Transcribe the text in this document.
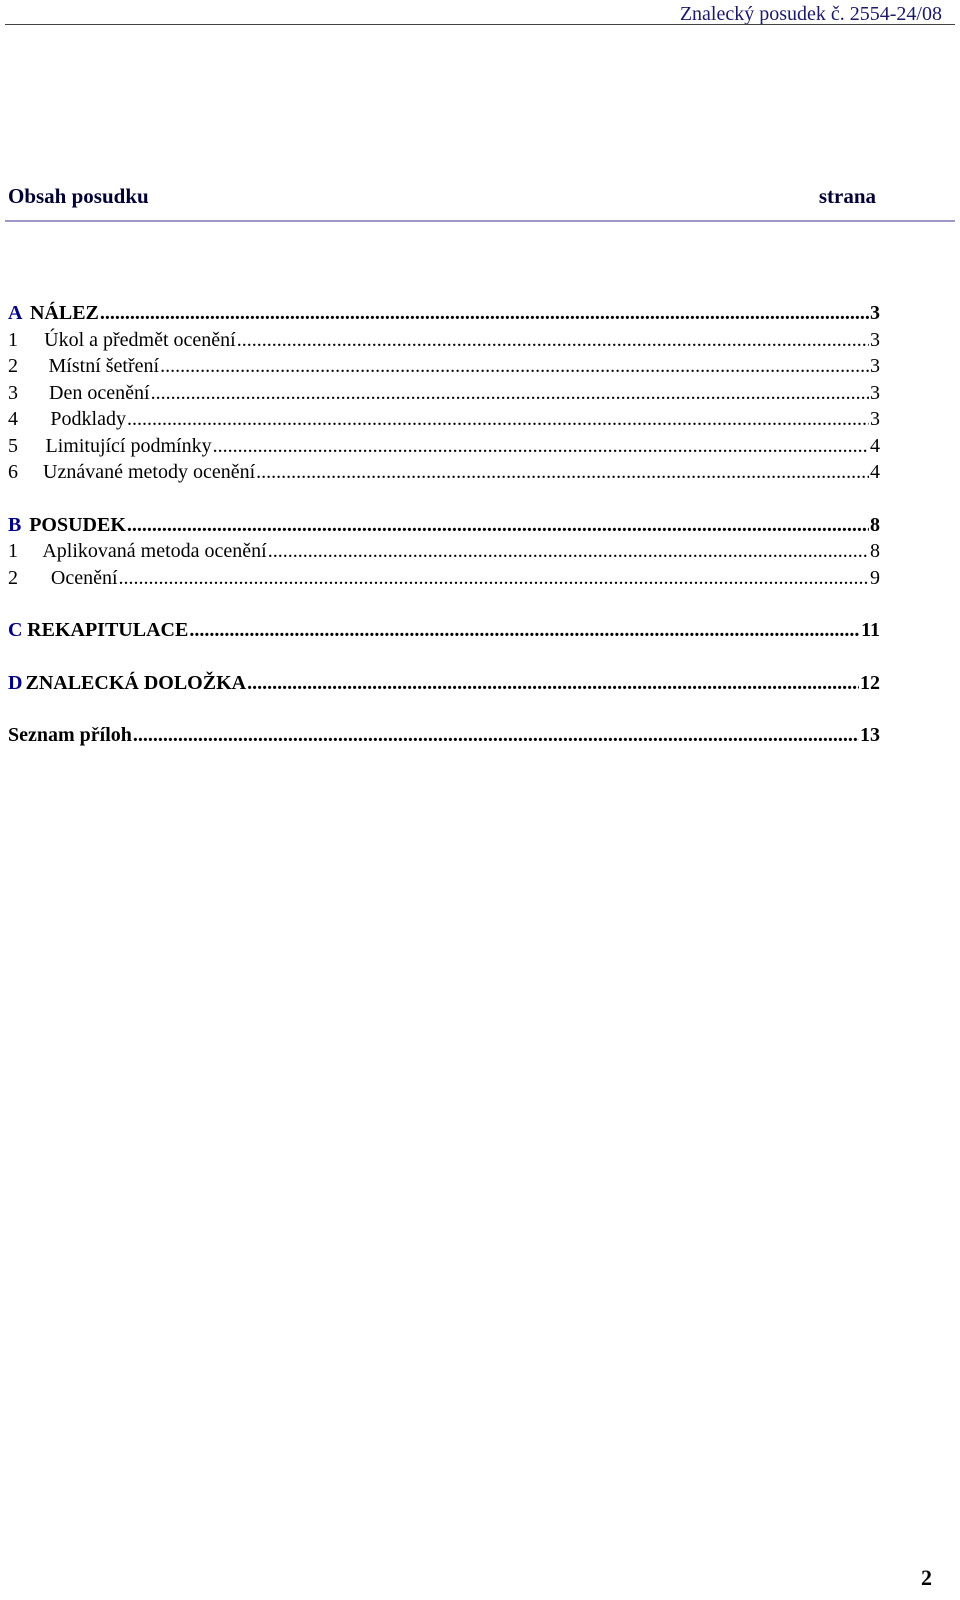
Znalecký posudek č. 2554-24/08
Obsah posudku	strana
A NÁLEZ .....	3
1	Úkol a předmět ocenění .....	3
2	Místní šetření .....	3
3	Den ocenění .....	3
4	Podklady .....	3
5	Limitující podmínky .....	4
6	Uznávané metody ocenění .....	4
B POSUDEK .....	8
1	Aplikovaná metoda ocenění .....	8
2	Ocenění .....	9
C REKAPITULACE .....	11
D ZNALECKÁ DOLOŽKA .....	12
Seznam příloh .....	13
2
